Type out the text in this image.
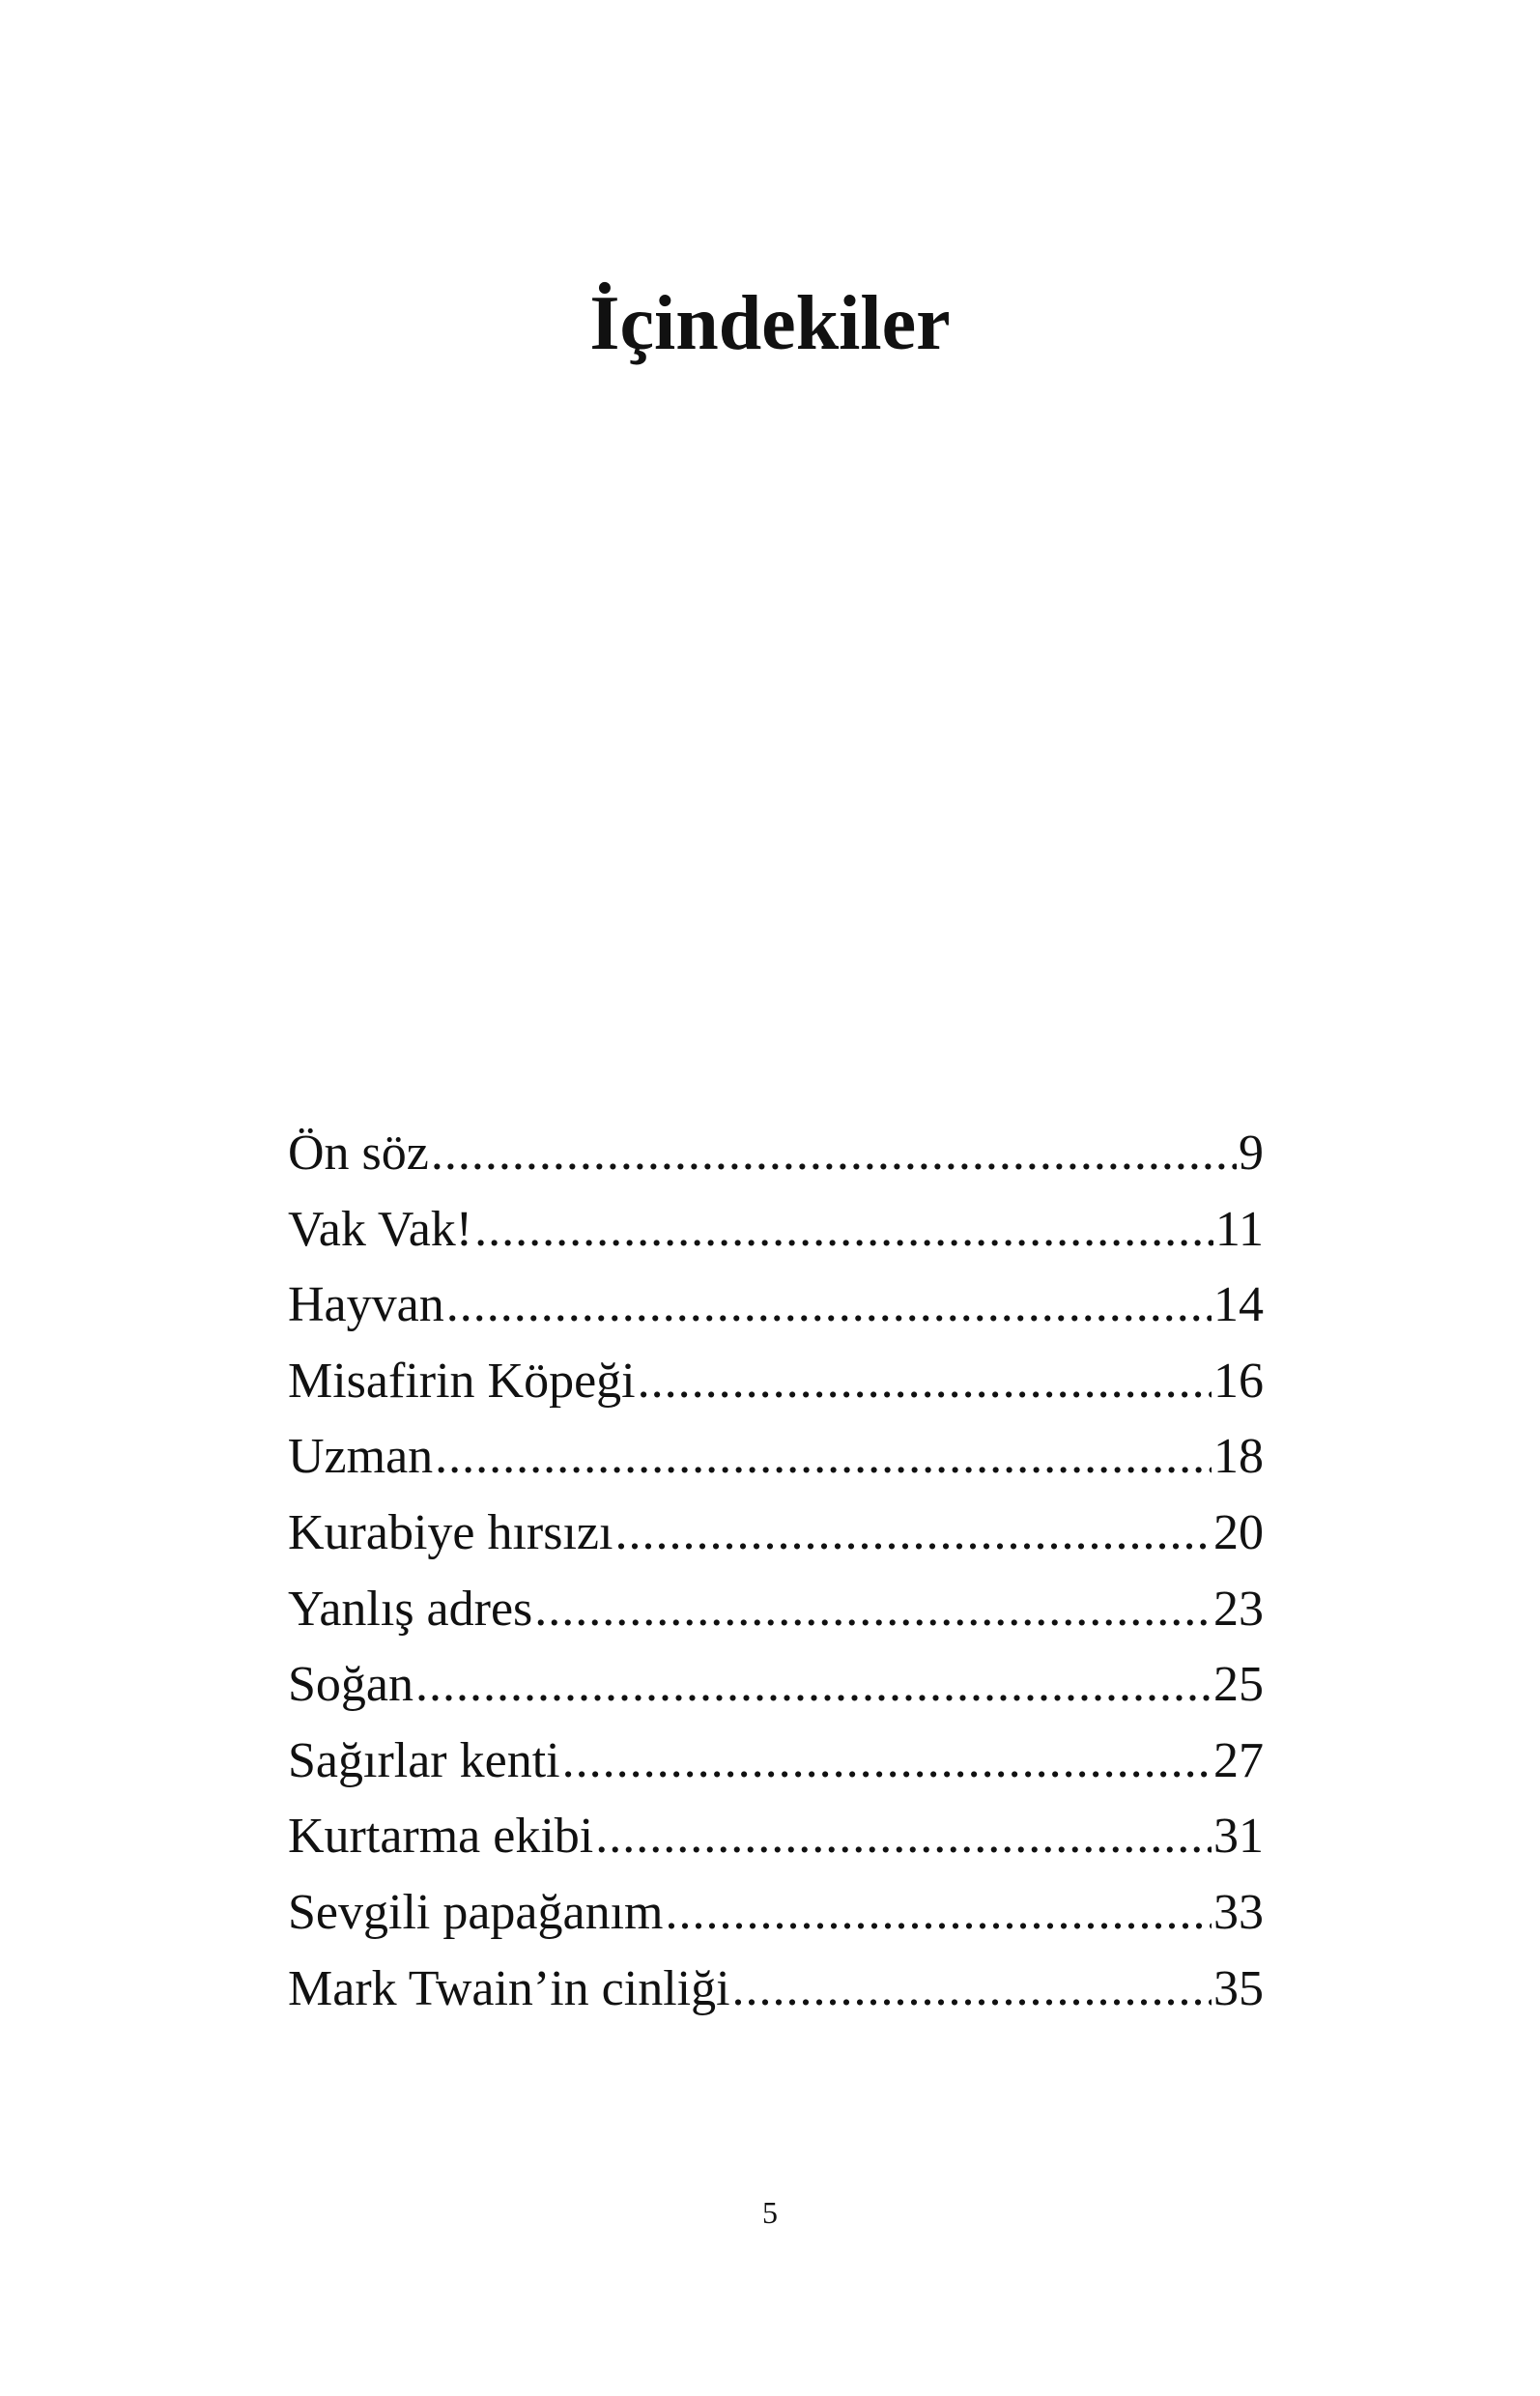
İçindekiler
Ön söz .....	9
Vak Vak! .....	11
Hayvan .....	14
Misafirin Köpeği .....	16
Uzman .....	18
Kurabiye hırsızı .....	20
Yanlış adres .....	23
Soğan .....	25
Sağırlar kenti .....	27
Kurtarma ekibi .....	31
Sevgili papağanım .....	33
Mark Twain’in cinliği .....	35
5
